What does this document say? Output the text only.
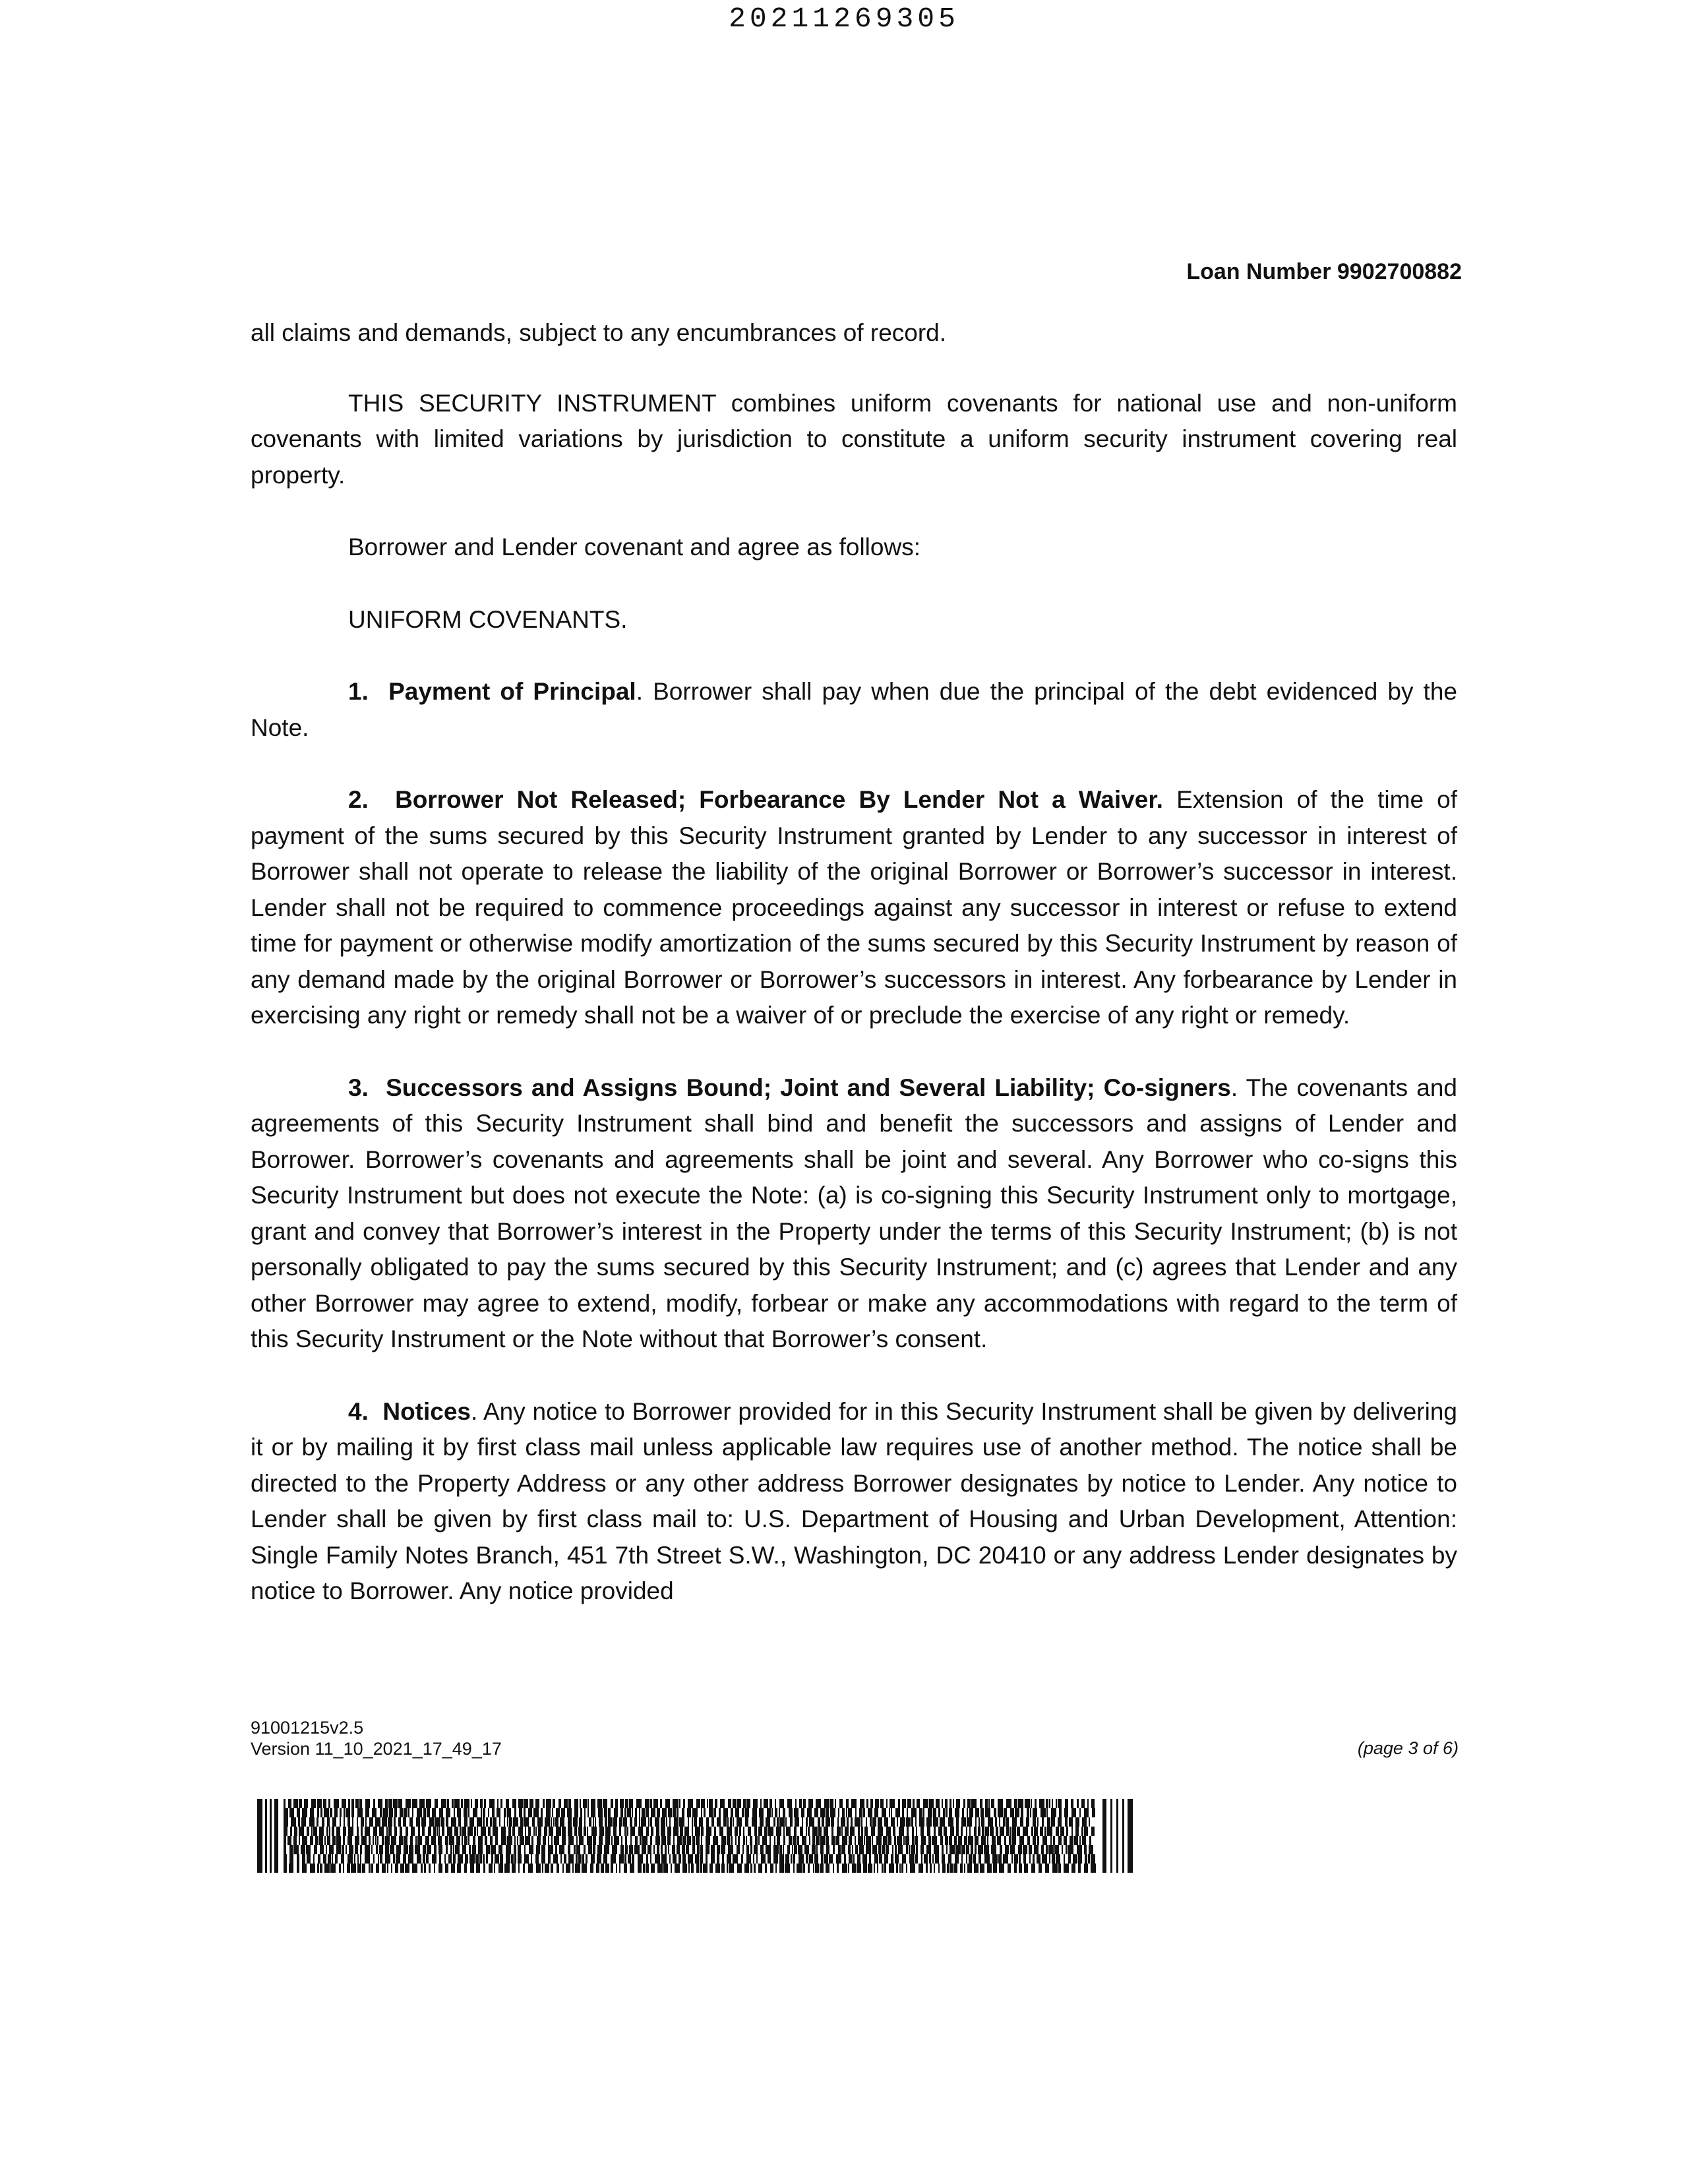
20211269305
Loan Number 9902700882

all claims and demands, subject to any encumbrances of record.

THIS SECURITY INSTRUMENT combines uniform covenants for national use and non-uniform covenants with limited variations by jurisdiction to constitute a uniform security instrument covering real property.

Borrower and Lender covenant and agree as follows:

UNIFORM COVENANTS.

1. Payment of Principal. Borrower shall pay when due the principal of the debt evidenced by the Note.

2. Borrower Not Released; Forbearance By Lender Not a Waiver. Extension of the time of payment of the sums secured by this Security Instrument granted by Lender to any successor in interest of Borrower shall not operate to release the liability of the original Borrower or Borrower’s successor in interest. Lender shall not be required to commence proceedings against any successor in interest or refuse to extend time for payment or otherwise modify amortization of the sums secured by this Security Instrument by reason of any demand made by the original Borrower or Borrower’s successors in interest. Any forbearance by Lender in exercising any right or remedy shall not be a waiver of or preclude the exercise of any right or remedy.

3. Successors and Assigns Bound; Joint and Several Liability; Co-signers. The covenants and agreements of this Security Instrument shall bind and benefit the successors and assigns of Lender and Borrower. Borrower’s covenants and agreements shall be joint and several. Any Borrower who co-signs this Security Instrument but does not execute the Note: (a) is co-signing this Security Instrument only to mortgage, grant and convey that Borrower’s interest in the Property under the terms of this Security Instrument; (b) is not personally obligated to pay the sums secured by this Security Instrument; and (c) agrees that Lender and any other Borrower may agree to extend, modify, forbear or make any accommodations with regard to the term of this Security Instrument or the Note without that Borrower’s consent.

4. Notices. Any notice to Borrower provided for in this Security Instrument shall be given by delivering it or by mailing it by first class mail unless applicable law requires use of another method. The notice shall be directed to the Property Address or any other address Borrower designates by notice to Lender. Any notice to Lender shall be given by first class mail to: U.S. Department of Housing and Urban Development, Attention: Single Family Notes Branch, 451 7th Street S.W., Washington, DC 20410 or any address Lender designates by notice to Borrower. Any notice provided

91001215v2.5
Version 11_10_2021_17_49_17	(page 3 of 6)
